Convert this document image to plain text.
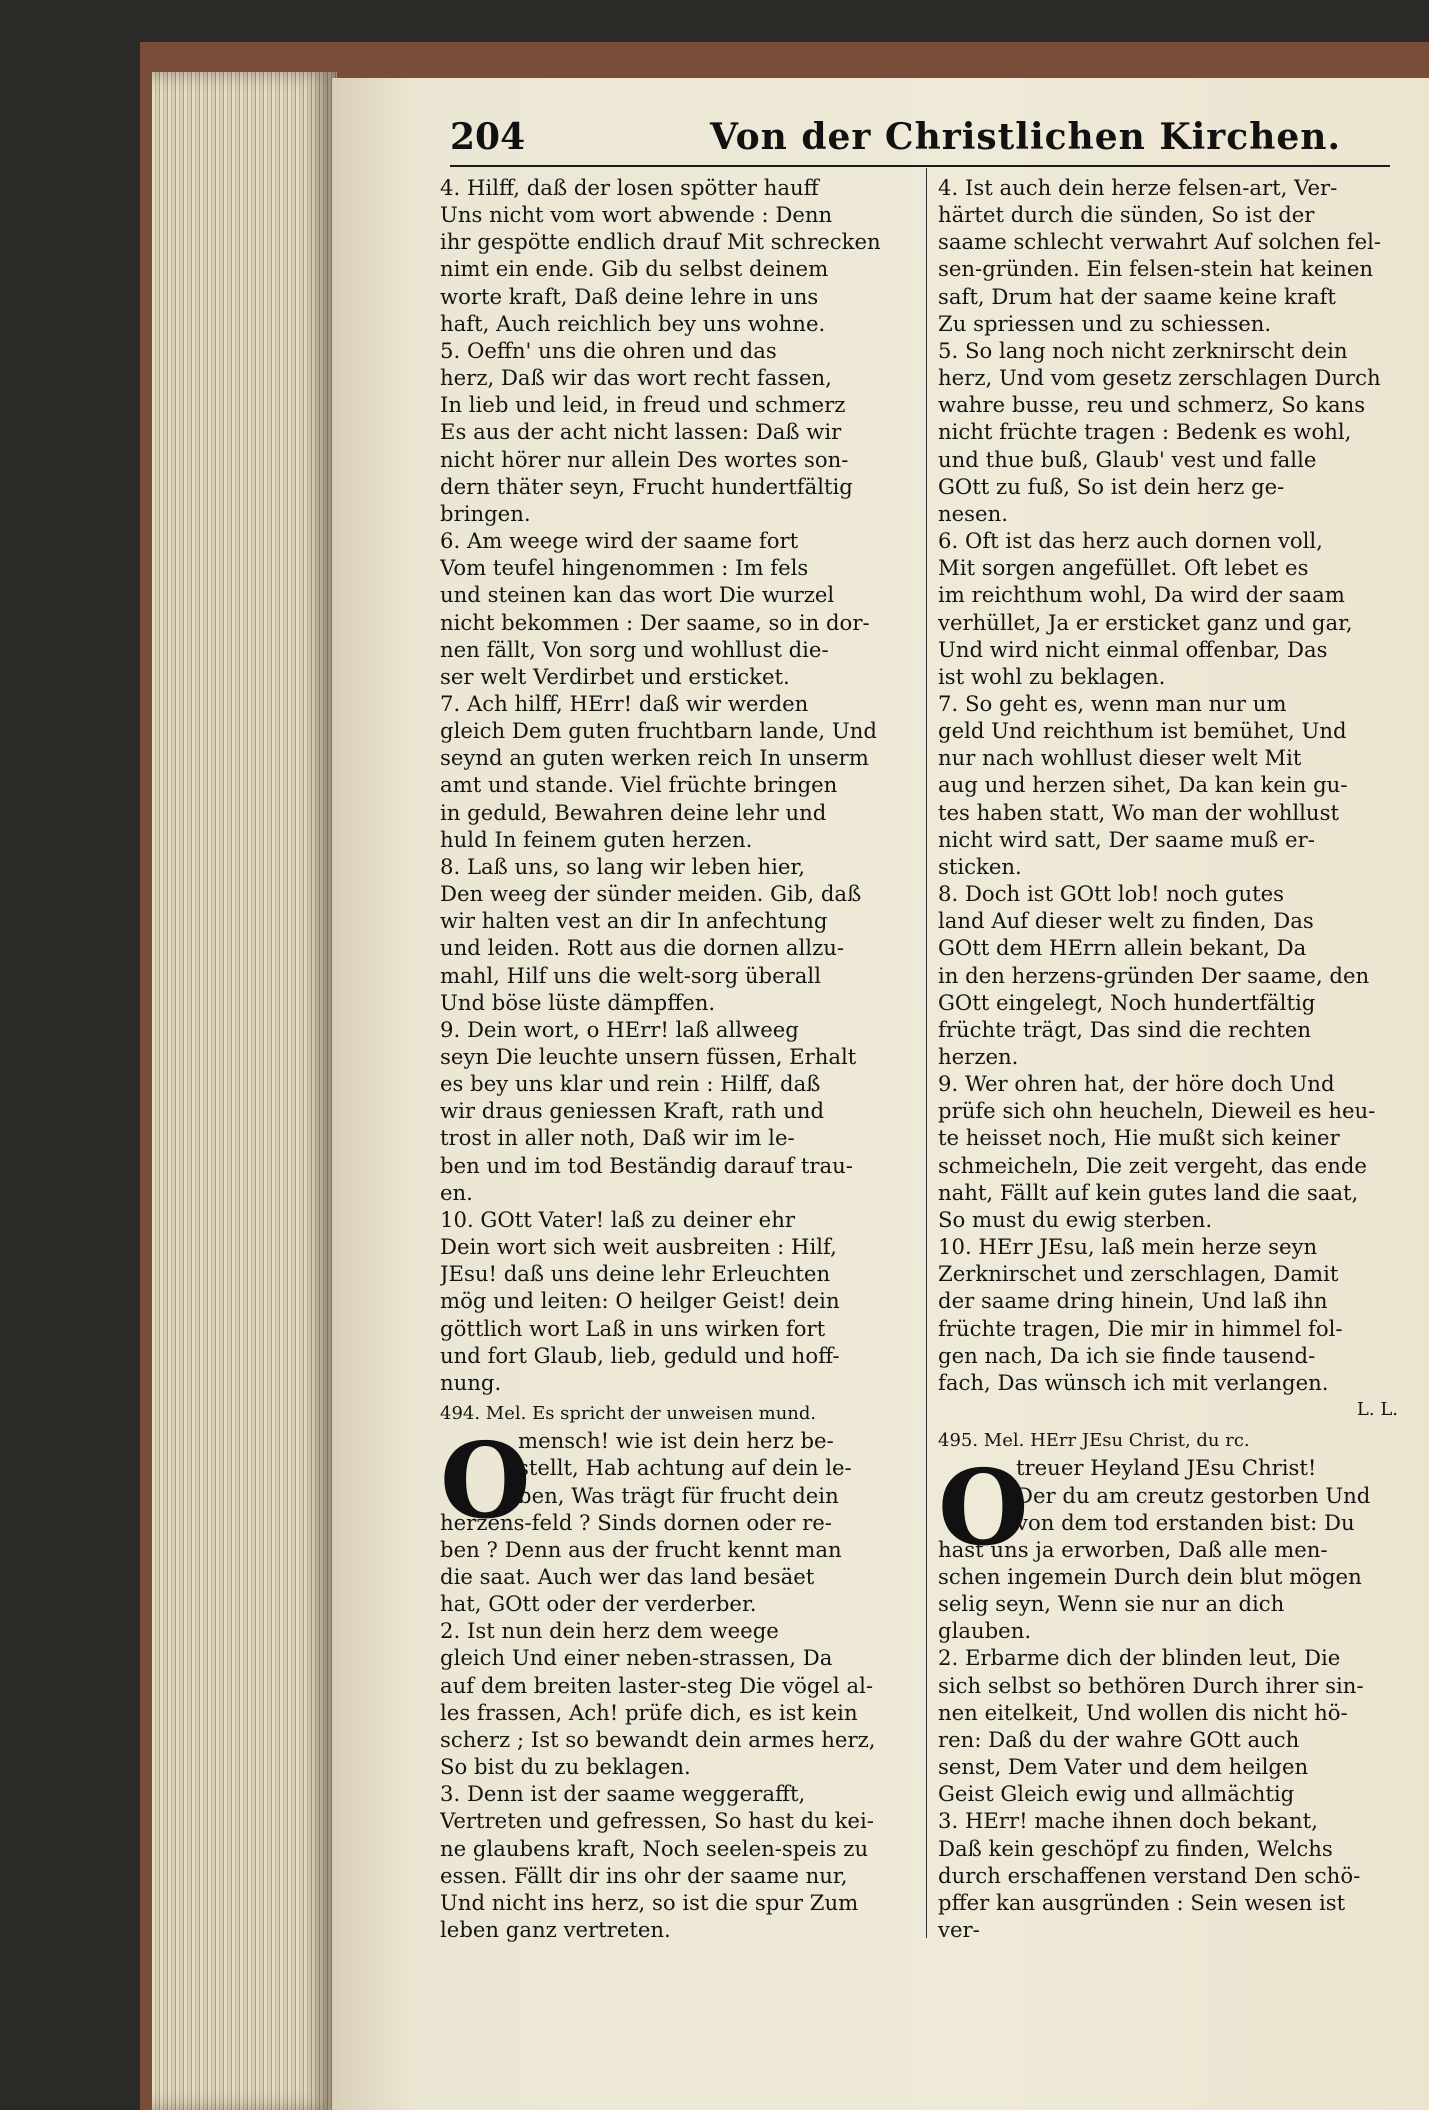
204	Von der Christlichen Kirchen.
4. Hilff, daß der losen spötter hauff
Uns nicht vom wort abwende : Denn
ihr gespötte endlich drauf Mit schrecken
nimt ein ende. Gib du selbst deinem
worte kraft, Daß deine lehre in uns
haft, Auch reichlich bey uns wohne.
5. Oeffn' uns die ohren und das
herz, Daß wir das wort recht fassen,
In lieb und leid, in freud und schmerz
Es aus der acht nicht lassen: Daß wir
nicht hörer nur allein Des wortes son-
dern thäter seyn, Frucht hundertfältig
bringen.
6. Am weege wird der saame fort
Vom teufel hingenommen : Im fels
und steinen kan das wort Die wurzel
nicht bekommen : Der saame, so in dor-
nen fällt, Von sorg und wohllust die-
ser welt Verdirbet und ersticket.
7. Ach hilff, HErr! daß wir werden
gleich Dem guten fruchtbarn lande, Und
seynd an guten werken reich In unserm
amt und stande. Viel früchte bringen
in geduld, Bewahren deine lehr und
huld In feinem guten herzen.
8. Laß uns, so lang wir leben hier,
Den weeg der sünder meiden. Gib, daß
wir halten vest an dir In anfechtung
und leiden. Rott aus die dornen allzu-
mahl, Hilf uns die welt-sorg überall
Und böse lüste dämpffen.
9. Dein wort, o HErr! laß allweeg
seyn Die leuchte unsern füssen, Erhalt
es bey uns klar und rein : Hilff, daß
wir draus geniessen Kraft, rath und
trost in aller noth, Daß wir im le-
ben und im tod Beständig darauf trau-
en.
10. GOtt Vater! laß zu deiner ehr
Dein wort sich weit ausbreiten : Hilf,
JEsu! daß uns deine lehr Erleuchten
mög und leiten: O heilger Geist! dein
göttlich wort Laß in uns wirken fort
und fort Glaub, lieb, geduld und hoff-
nung.
494. Mel. Es spricht der unweisen mund.
O
mensch! wie ist dein herz be-
stellt, Hab achtung auf dein le-
ben, Was trägt für frucht dein
herzens-feld ? Sinds dornen oder re-
ben ? Denn aus der frucht kennt man
die saat. Auch wer das land besäet
hat, GOtt oder der verderber.
2. Ist nun dein herz dem weege
gleich Und einer neben-strassen, Da
auf dem breiten laster-steg Die vögel al-
les frassen, Ach! prüfe dich, es ist kein
scherz ; Ist so bewandt dein armes herz,
So bist du zu beklagen.
3. Denn ist der saame weggerafft,
Vertreten und gefressen, So hast du kei-
ne glaubens kraft, Noch seelen-speis zu
essen. Fällt dir ins ohr der saame nur,
Und nicht ins herz, so ist die spur Zum
leben ganz vertreten.
4. Ist auch dein herze felsen-art, Ver-
härtet durch die sünden, So ist der
saame schlecht verwahrt Auf solchen fel-
sen-gründen. Ein felsen-stein hat keinen
saft, Drum hat der saame keine kraft
Zu spriessen und zu schiessen.
5. So lang noch nicht zerknirscht dein
herz, Und vom gesetz zerschlagen Durch
wahre busse, reu und schmerz, So kans
nicht früchte tragen : Bedenk es wohl,
und thue buß, Glaub' vest und falle
GOtt zu fuß, So ist dein herz ge-
nesen.
6. Oft ist das herz auch dornen voll,
Mit sorgen angefüllet. Oft lebet es
im reichthum wohl, Da wird der saam
verhüllet, Ja er ersticket ganz und gar,
Und wird nicht einmal offenbar, Das
ist wohl zu beklagen.
7. So geht es, wenn man nur um
geld Und reichthum ist bemühet, Und
nur nach wohllust dieser welt Mit
aug und herzen sihet, Da kan kein gu-
tes haben statt, Wo man der wohllust
nicht wird satt, Der saame muß er-
sticken.
8. Doch ist GOtt lob! noch gutes
land Auf dieser welt zu finden, Das
GOtt dem HErrn allein bekant, Da
in den herzens-gründen Der saame, den
GOtt eingelegt, Noch hundertfältig
früchte trägt, Das sind die rechten
herzen.
9. Wer ohren hat, der höre doch Und
prüfe sich ohn heucheln, Dieweil es heu-
te heisset noch, Hie mußt sich keiner
schmeicheln, Die zeit vergeht, das ende
naht, Fällt auf kein gutes land die saat,
So must du ewig sterben.
10. HErr JEsu, laß mein herze seyn
Zerknirschet und zerschlagen, Damit
der saame dring hinein, Und laß ihn
früchte tragen, Die mir in himmel fol-
gen nach, Da ich sie finde tausend-
fach, Das wünsch ich mit verlangen.
L. L.
495. Mel. HErr JEsu Christ, du rc.
O
treuer Heyland JEsu Christ!
Der du am creutz gestorben Und
von dem tod erstanden bist: Du
hast uns ja erworben, Daß alle men-
schen ingemein Durch dein blut mögen
selig seyn, Wenn sie nur an dich
glauben.
2. Erbarme dich der blinden leut, Die
sich selbst so bethören Durch ihrer sin-
nen eitelkeit, Und wollen dis nicht hö-
ren: Daß du der wahre GOtt auch
senst, Dem Vater und dem heilgen
Geist Gleich ewig und allmächtig
3. HErr! mache ihnen doch bekant,
Daß kein geschöpf zu finden, Welchs
durch erschaffenen verstand Den schö-
pffer kan ausgründen : Sein wesen ist
ver-
